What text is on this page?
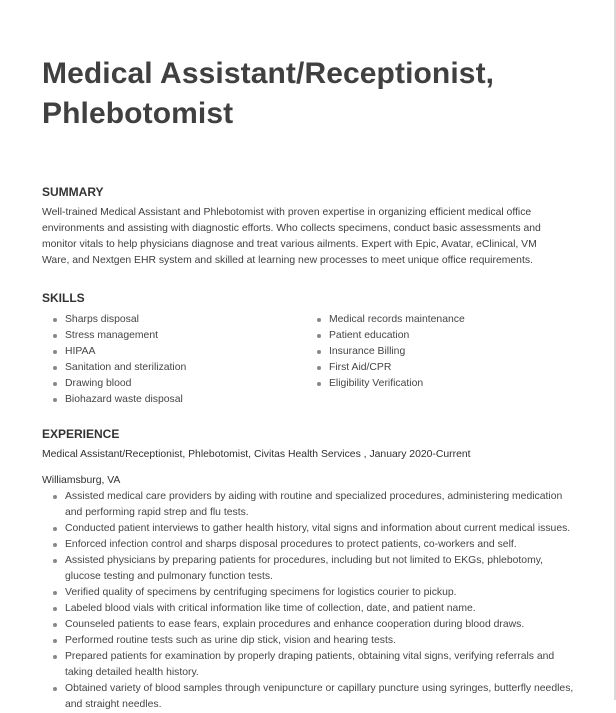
Medical Assistant/Receptionist, Phlebotomist
SUMMARY

Well-trained Medical Assistant and Phlebotomist with proven expertise in organizing efficient medical office environments and assisting with diagnostic efforts. Who collects specimens, conduct basic assessments and monitor vitals to help physicians diagnose and treat various ailments. Expert with Epic, Avatar, eClinical, VM Ware, and Nextgen EHR system and skilled at learning new processes to meet unique office requirements.

SKILLS
Sharps disposal
Stress management
HIPAA
Sanitation and sterilization
Drawing blood
Biohazard waste disposal
Medical records maintenance
Patient education
Insurance Billing
First Aid/CPR
Eligibility Verification
EXPERIENCE

Medical Assistant/Receptionist, Phlebotomist, Civitas Health Services , January 2020-Current

Williamsburg, VA

Assisted medical care providers by aiding with routine and specialized procedures, administering medication and performing rapid strep and flu tests.
Conducted patient interviews to gather health history, vital signs and information about current medical issues.
Enforced infection control and sharps disposal procedures to protect patients, co-workers and self.
Assisted physicians by preparing patients for procedures, including but not limited to EKGs, phlebotomy, glucose testing and pulmonary function tests.
Verified quality of specimens by centrifuging specimens for logistics courier to pickup.
Labeled blood vials with critical information like time of collection, date, and patient name.
Counseled patients to ease fears, explain procedures and enhance cooperation during blood draws.
Performed routine tests such as urine dip stick, vision and hearing tests.
Prepared patients for examination by properly draping patients, obtaining vital signs, verifying referrals and taking detailed health history.
Obtained variety of blood samples through venipuncture or capillary puncture using syringes, butterfly needles, and straight needles.
